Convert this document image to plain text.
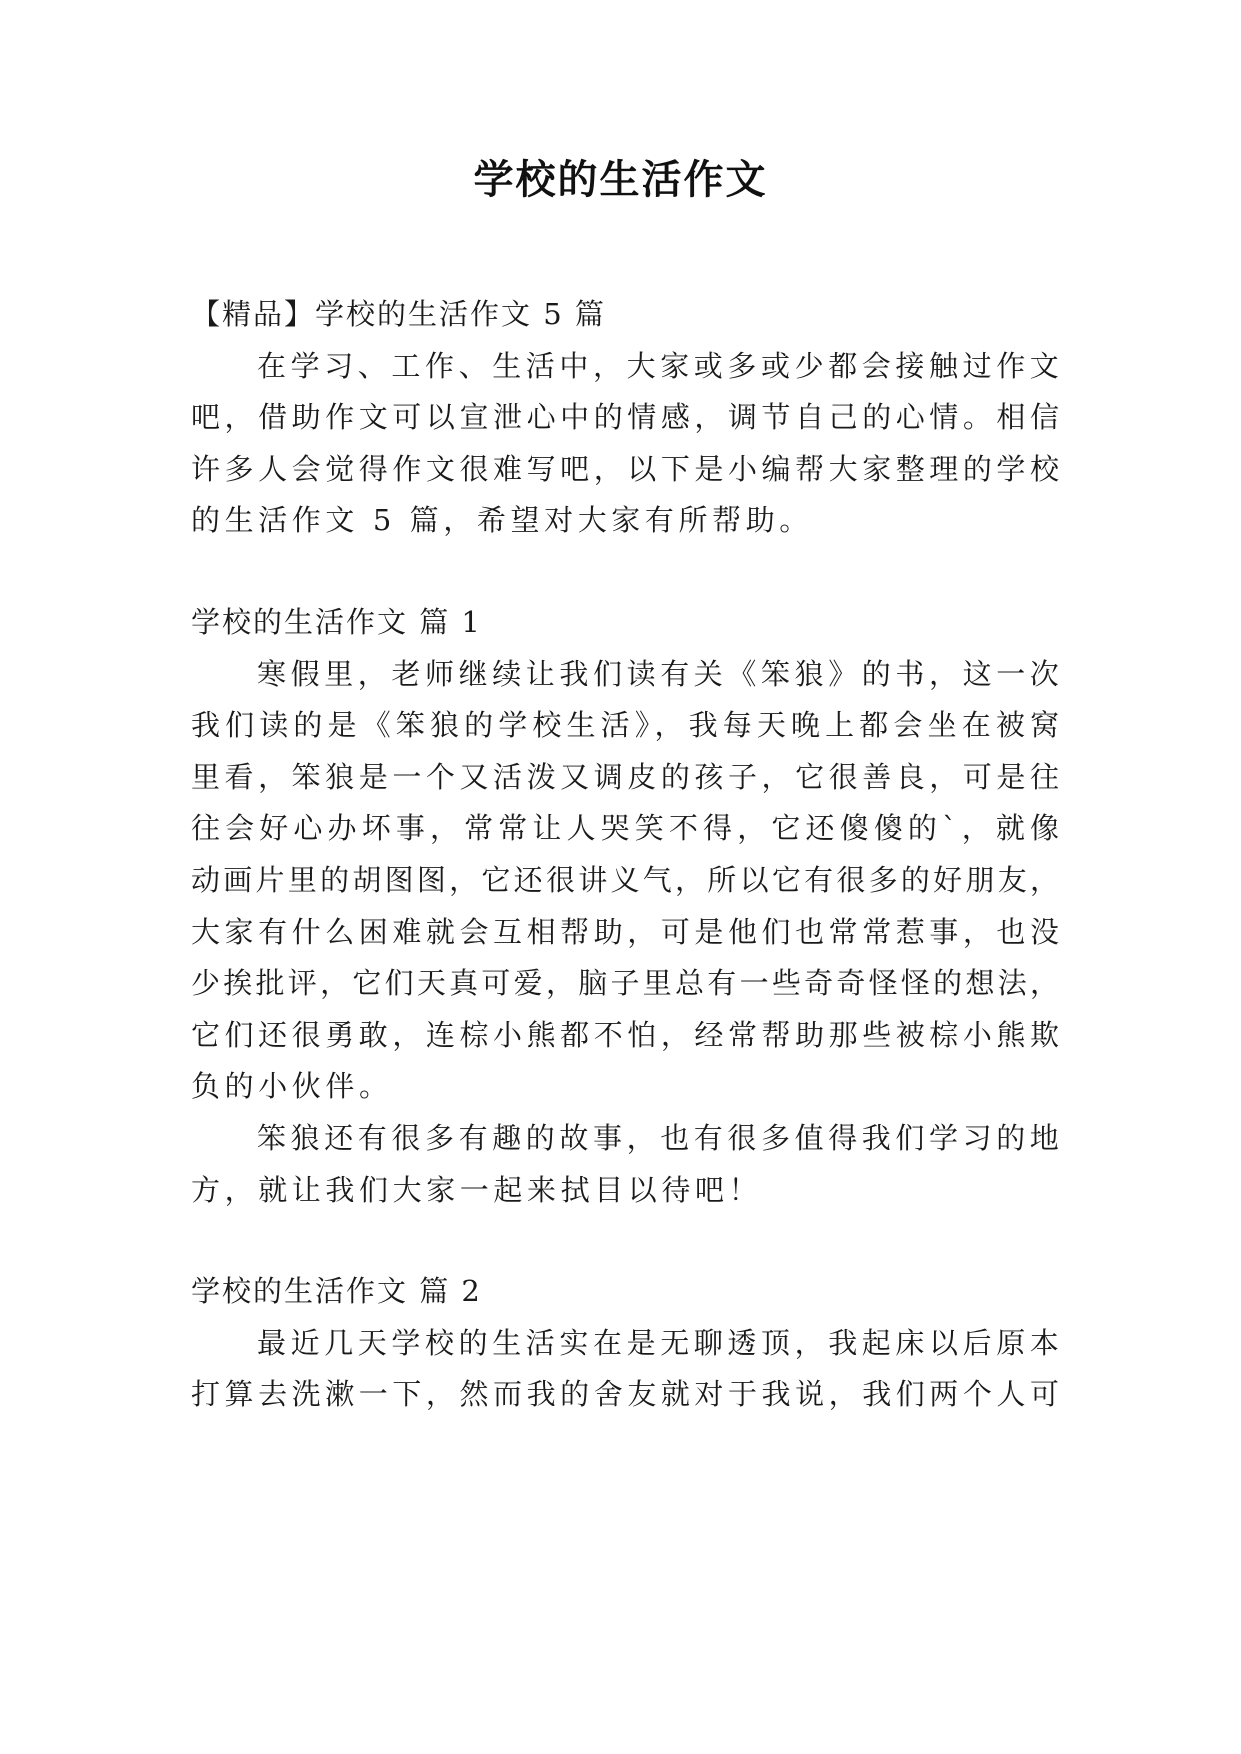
学校的生活作文
【精品】学校的生活作文 5 篇
在学习、工作、生活中，大家或多或少都会接触过作文
吧，借助作文可以宣泄心中的情感，调节自己的心情。相信
许多人会觉得作文很难写吧，以下是小编帮大家整理的学校
的生活作文 5 篇，希望对大家有所帮助。
学校的生活作文 篇 1
寒假里，老师继续让我们读有关《笨狼》的书，这一次
我们读的是《笨狼的学校生活》，我每天晚上都会坐在被窝
里看，笨狼是一个又活泼又调皮的孩子，它很善良，可是往
往会好心办坏事，常常让人哭笑不得，它还傻傻的`，就像
动画片里的胡图图，它还很讲义气，所以它有很多的好朋友，
大家有什么困难就会互相帮助，可是他们也常常惹事，也没
少挨批评，它们天真可爱，脑子里总有一些奇奇怪怪的想法，
它们还很勇敢，连棕小熊都不怕，经常帮助那些被棕小熊欺
负的小伙伴。
笨狼还有很多有趣的故事，也有很多值得我们学习的地
方，就让我们大家一起来拭目以待吧！
学校的生活作文 篇 2
最近几天学校的生活实在是无聊透顶，我起床以后原本
打算去洗漱一下，然而我的舍友就对于我说，我们两个人可
